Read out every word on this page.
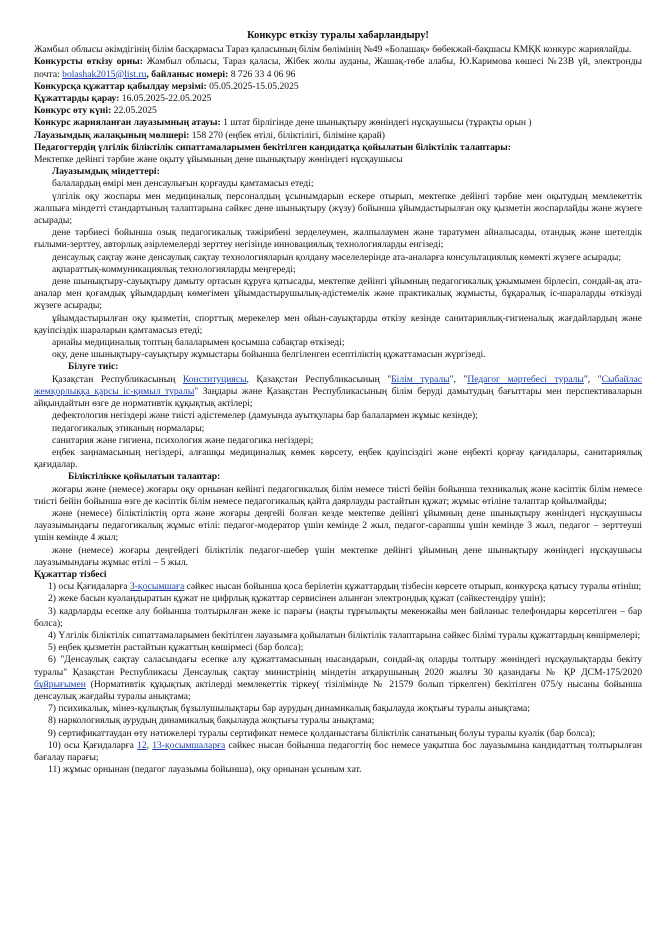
Конкурс өткізу туралы хабарландыру!

Жамбыл облысы әкімдігінің білім басқармасы Тараз қаласының білім бөлімінің №49 «Болашақ» бөбекжай-бақшасы КМҚК конкурс жариялайды.

Конкурсты өткізу орны: Жамбыл облысы, Тараз қаласы, Жібек жолы ауданы, Жашақ-төбе алабы, Ю.Каримова көшесі №23В үй, электронды почта: bolashak2015@list.ru, байланыс номері: 8 726 33 4 06 96

Конкурсқа құжаттар қабылдау мерзімі: 05.05.2025-15.05.2025

Құжаттарды қарау: 16.05.2025-22.05.2025

Конкурс өту күні: 22.05.2025

Конкурс жарияланған лауазымның атауы: 1 штат бірлігінде дене шынықтыру жөніндегі нұсқаушысы (тұрақты орын )

Лауазымдық жалақының мөлшері: 158 270 (еңбек өтілі, біліктілігі, біліміне қарай)

Педагогтердің үлгілік біліктілік сипаттамаларымен бекітілген кандидатқа қойылатын біліктілік талаптары:

Мектепке дейінгі тәрбие және оқыту ұйымының дене шынықтыру жөніндегі нұсқаушысы

Лауазымдық міндеттері:

балалардың өмірі мен денсаулығын қорғауды қамтамасыз етеді;

үлгілік оқу жоспары мен медициналық персоналдың ұсынымдарын ескере отырып, мектепке дейінгі тәрбие мен оқытудың мемлекеттік жалпыға міндетті стандартының талаптарына сәйкес дене шынықтыру (жүзу) бойынша ұйымдастырылған оқу қызметін жоспарлайды және жүзеге асырады;

дене тәрбиесі бойынша озық педагогикалық тәжірибені зерделеумен, жалпылаумен және таратумен айналысады, отандық және шетелдік ғылыми-зерттеу, авторлық әзірлемелерді зерттеу негізінде инновациялық технологияларды енгізеді;

денсаулық сақтау және денсаулық сақтау технологияларын қолдану мәселелерінде ата-аналарға консультациялық көмекті жүзеге асырады;

ақпараттық-коммуникациялық технологияларды меңгереді;

дене шынықтыру-сауықтыру дамыту ортасын құруға қатысады, мектепке дейінгі ұйымның педагогикалық ұжымымен бірлесіп, сондай-ақ ата-аналар мен қоғамдық ұйымдардың көмегімен ұйымдастырушылық-әдістемелік және практикалық жұмысты, бұқаралық іс-шараларды өткізуді жүзеге асырады;

ұйымдастырылған оқу қызметін, спорттық мерекелер мен ойын-сауықтарды өткізу кезінде санитариялық-гигиеналық жағдайлардың және қауіпсіздік шараларын қамтамасыз етеді;

арнайы медициналық топтың балаларымен қосымша сабақтар өткізеді;

оқу, дене шынықтыру-сауықтыру жұмыстары бойынша белгіленген есептіліктің құжаттамасын жүргізеді.

Білуге тиіс:

Қазақстан Республикасының Конституциясы, Қазақстан Республикасының "Білім туралы", "Педагог мәртебесі туралы", "Сыбайлас жемқорлыққа қарсы іс-қимыл туралы" Заңдары және Қазақстан Республикасының білім беруді дамытудың бағыттары мен перспективаларын айқындайтын өзге де нормативтік құқықтық актілері;

дефектология негіздері және тиісті әдістемелер (дамуында ауытқулары бар балалармен жұмыс кезінде);

педагогикалық этиканың нормалары;

санитария және гигиена, психология және педагогика негіздері;

еңбек заңнамасының негіздері, алғашқы медициналық көмек көрсету, еңбек қауіпсіздігі және еңбекті қорғау қағидалары, санитариялық қағидалар.

Біліктілікке қойылатын талаптар:

жоғары және (немесе) жоғары оқу орнынан кейінгі педагогикалық білім немесе тиісті бейін бойынша техникалық және кәсіптік білім немесе тиісті бейін бойынша өзге де кәсіптік білім немесе педагогикалық қайта даярлауды растайтын құжат; жұмыс өтіліне талаптар қойылмайды;

және (немесе) біліктіліктің орта және жоғары деңгейі болған кезде мектепке дейінгі ұйымның дене шынықтыру жөніндегі нұсқаушысы лауазымындағы педагогикалық жұмыс өтілі: педагог-модератор үшін кемінде 2 жыл, педагог-сарапшы үшін кемінде 3 жыл, педагог – зерттеуші үшін кемінде 4 жыл;

және (немесе) жоғары деңгейдегі біліктілік педагог-шебер үшін мектепке дейінгі ұйымның дене шынықтыру жөніндегі нұсқаушысы лауазымындағы жұмыс өтілі – 5 жыл.

Құжаттар тізбесі

1) осы Қағидаларға 3-қосымшаға сәйкес нысан бойынша қоса берілетін құжаттардың тізбесін көрсете отырып, конкурсқа қатысу туралы өтініш;

2) жеке басын куәландыратын құжат не цифрлық құжаттар сервисінен алынған электрондық құжат (сәйкестендіру үшін);

3) кадрларды есепке алу бойынша толтырылған жеке іс парағы (нақты тұрғылықты мекенжайы мен байланыс телефондары көрсетілген – бар болса);

4) Үлгілік біліктілік сипаттамаларымен бекітілген лауазымға қойылатын біліктілік талаптарына сәйкес білімі туралы құжаттардың көшірмелері;

5) еңбек қызметін растайтын құжаттың көшірмесі (бар болса);

6) "Денсаулық сақтау саласындағы есепке алу құжаттамасының нысандарын, сондай-ақ оларды толтыру жөніндегі нұсқаулықтарды бекіту туралы" Қазақстан Республикасы Денсаулық сақтау министрінің міндетін атқарушының 2020 жылғы 30 қазандағы № ҚР ДСМ-175/2020 бұйрығымен (Нормативтік құқықтық актілерді мемлекеттік тіркеу( тізілімінде № 21579 болып тіркелген) бекітілген 075/у нысаны бойынша денсаулық жағдайы туралы анықтама;

7) психикалық, мінез-құлықтық бұзылушылықтары бар аурудың динамикалық бақылауда жоқтығы туралы анықтама;

8) наркологиялық аурудың динамикалық бақылауда жоқтығы туралы анықтама;

9) сертификаттаудан өту нәтижелері туралы сертификат немесе қолданыстағы біліктілік санатының болуы туралы куәлік (бар болса);

10) осы Қағидаларға 12, 13-қосымшаларға сәйкес нысан бойынша педагогтің бос немесе уақытша бос лауазымына кандидаттың толтырылған бағалау парағы;

11) жұмыс орнынан (педагог лауазымы бойынша), оқу орнынан ұсыным хат.
